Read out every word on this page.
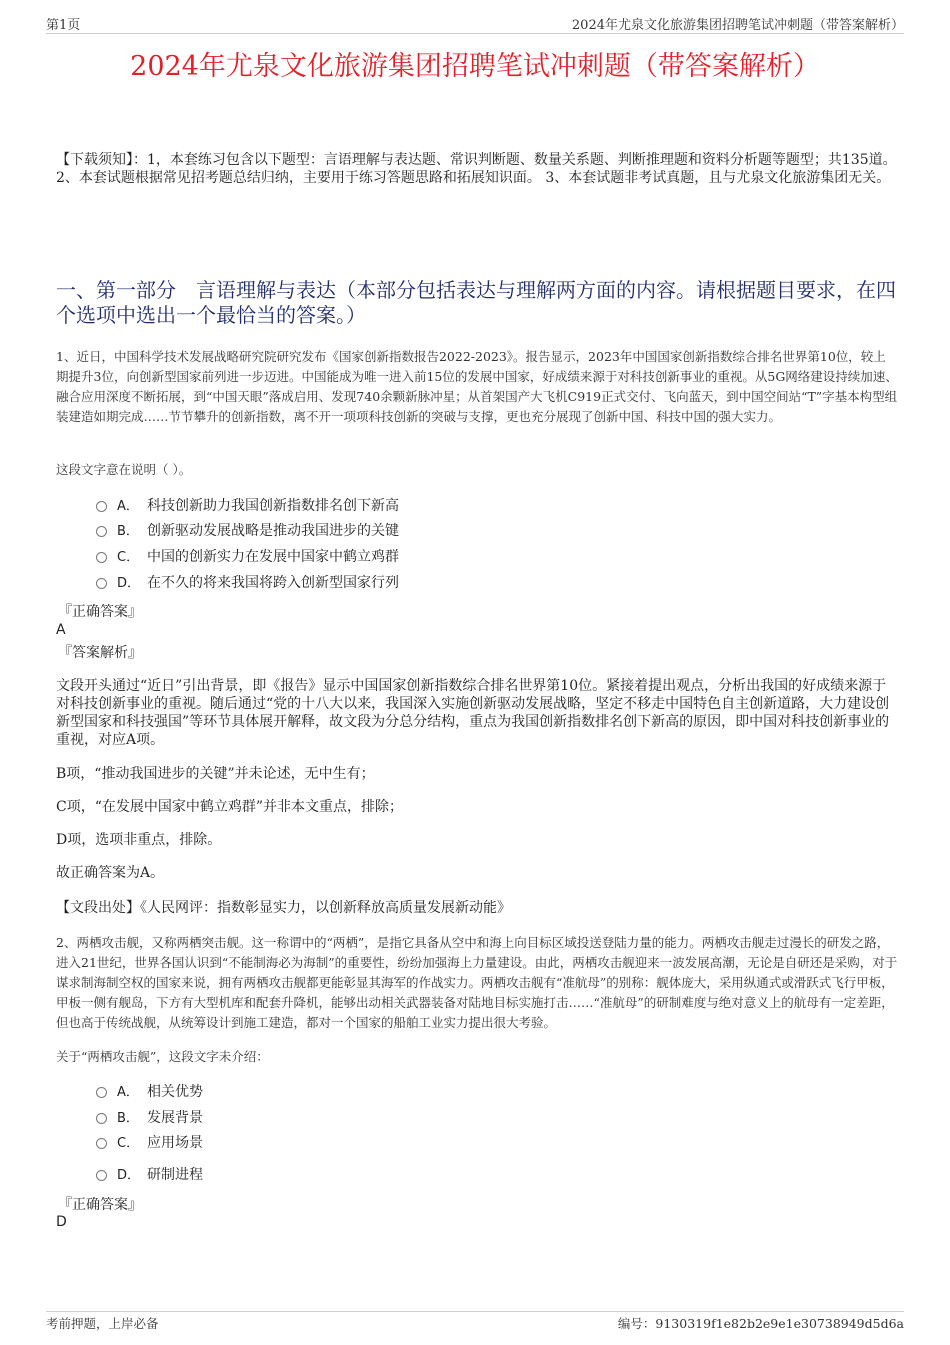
第1页	2024年尤泉文化旅游集团招聘笔试冲刺题（带答案解析）
2024年尤泉文化旅游集团招聘笔试冲刺题（带答案解析）
【下载须知】：1，本套练习包含以下题型：言语理解与表达题、常识判断题、数量关系题、判断推理题和资料分析题等题型；共135道。 2、本套试题根据常见招考题总结归纳，主要用于练习答题思路和拓展知识面。 3、本套试题非考试真题，且与尤泉文化旅游集团无关。
一、第一部分　言语理解与表达（本部分包括表达与理解两方面的内容。请根据题目要求，在四个选项中选出一个最恰当的答案。）
1、近日，中国科学技术发展战略研究院研究发布《国家创新指数报告2022-2023》。报告显示，2023年中国国家创新指数综合排名世界第10位，较上期提升3位，向创新型国家前列进一步迈进。中国能成为唯一进入前15位的发展中国家，好成绩来源于对科技创新事业的重视。从5G网络建设持续加速、融合应用深度不断拓展，到“中国天眼”落成启用、发现740余颗新脉冲星；从首架国产大飞机C919正式交付、飞向蓝天，到中国空间站“T”字基本构型组装建造如期完成……节节攀升的创新指数，离不开一项项科技创新的突破与支撑，更也充分展现了创新中国、科技中国的强大实力。
这段文字意在说明（ ）。
A． 科技创新助力我国创新指数排名创下新高
B． 创新驱动发展战略是推动我国进步的关键
C． 中国的创新实力在发展中国家中鹤立鸡群
D． 在不久的将来我国将跨入创新型国家行列
『正确答案』
A
『答案解析』
文段开头通过“近日”引出背景，即《报告》显示中国国家创新指数综合排名世界第10位。紧接着提出观点，分析出我国的好成绩来源于对科技创新事业的重视。随后通过“党的十八大以来，我国深入实施创新驱动发展战略，坚定不移走中国特色自主创新道路，大力建设创新型国家和科技强国”等环节具体展开解释，故文段为分总分结构，重点为我国创新指数排名创下新高的原因，即中国对科技创新事业的重视，对应A项。
B项，“推动我国进步的关键”并未论述，无中生有；
C项，“在发展中国家中鹤立鸡群”并非本文重点，排除；
D项，选项非重点，排除。
故正确答案为A。
【文段出处】《人民网评：指数彰显实力，以创新释放高质量发展新动能》
2、两栖攻击舰，又称两栖突击舰。这一称谓中的“两栖”，是指它具备从空中和海上向目标区域投送登陆力量的能力。两栖攻击舰走过漫长的研发之路，进入21世纪，世界各国认识到“不能制海必为海制”的重要性，纷纷加强海上力量建设。由此，两栖攻击舰迎来一波发展高潮，无论是自研还是采购，对于谋求制海制空权的国家来说，拥有两栖攻击舰都更能彰显其海军的作战实力。两栖攻击舰有“准航母”的别称：舰体庞大，采用纵通式或滑跃式飞行甲板，甲板一侧有舰岛，下方有大型机库和配套升降机，能够出动相关武器装备对陆地目标实施打击……“准航母”的研制难度与绝对意义上的航母有一定差距，但也高于传统战舰，从统筹设计到施工建造，都对一个国家的船舶工业实力提出很大考验。
关于“两栖攻击舰”，这段文字未介绍：
A． 相关优势
B． 发展背景
C． 应用场景
D． 研制进程
『正确答案』
D
考前押题，上岸必备	编号：9130319f1e82b2e9e1e30738949d5d6a
